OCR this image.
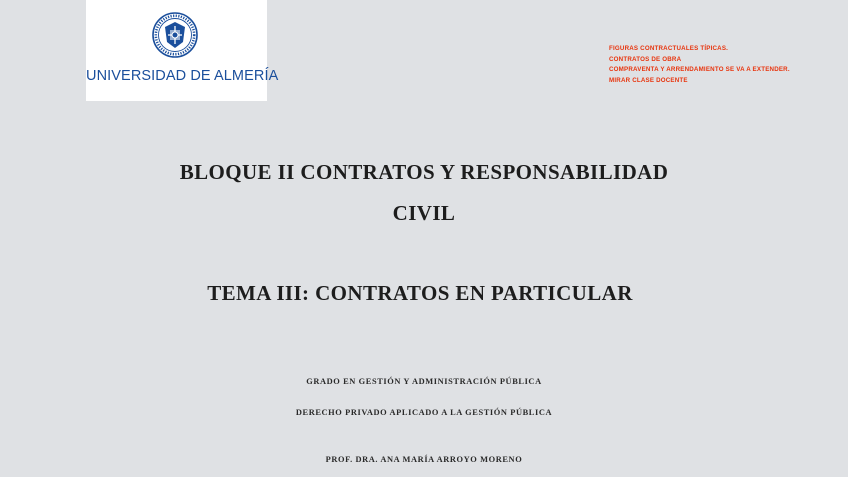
UNIVERSIDAD DE ALMERÍA
FIGURAS CONTRACTUALES TÍPICAS.
CONTRATOS DE OBRA
COMPRAVENTA Y ARRENDAMIENTO SE VA A EXTENDER.
MIRAR CLASE DOCENTE
BLOQUE II CONTRATOS Y RESPONSABILIDAD
CIVIL
TEMA III: CONTRATOS EN PARTICULAR
GRADO EN GESTIÓN Y ADMINISTRACIÓN PÚBLICA
DERECHO PRIVADO APLICADO A LA GESTIÓN PÚBLICA
PROF. DRA. ANA MARÍA ARROYO MORENO
